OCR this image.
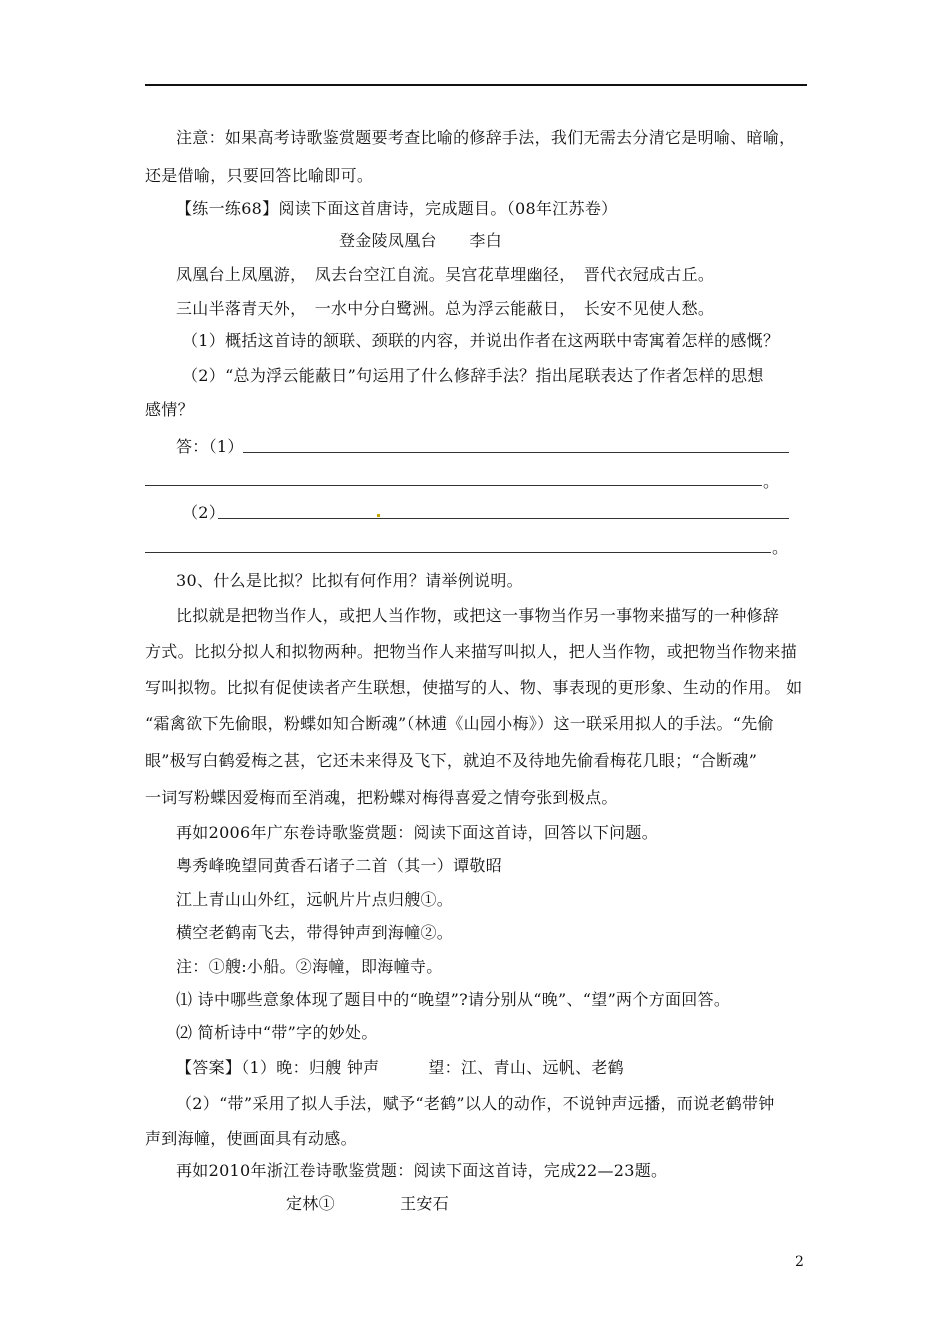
注意：如果高考诗歌鉴赏题要考查比喻的修辞手法，我们无需去分清它是明喻、暗喻，
还是借喻，只要回答比喻即可。
【练一练68】阅读下面这首唐诗，完成题目。（08年江苏卷）
登金陵凤凰台　　李白
凤凰台上凤凰游，　凤去台空江自流。吴宫花草埋幽径，　晋代衣冠成古丘。
三山半落青天外，　一水中分白鹭洲。总为浮云能蔽日，　长安不见使人愁。
（1）概括这首诗的颔联、颈联的内容，并说出作者在这两联中寄寓着怎样的感慨？
（2）“总为浮云能蔽日”句运用了什么修辞手法？指出尾联表达了作者怎样的思想
感情？
答：（1）
。
（2）
。
30、什么是比拟？比拟有何作用？请举例说明。
比拟就是把物当作人，或把人当作物，或把这一事物当作另一事物来描写的一种修辞
方式。比拟分拟人和拟物两种。把物当作人来描写叫拟人，把人当作物，或把物当作物来描
写叫拟物。比拟有促使读者产生联想，使描写的人、物、事表现的更形象、生动的作用。 如
“霜禽欲下先偷眼，粉蝶如知合断魂”（林逋《山园小梅》）这一联采用拟人的手法。“先偷
眼”极写白鹤爱梅之甚，它还未来得及飞下，就迫不及待地先偷看梅花几眼；“合断魂”
一词写粉蝶因爱梅而至消魂，把粉蝶对梅得喜爱之情夸张到极点。
再如2006年广东卷诗歌鉴赏题：阅读下面这首诗，回答以下问题。
粤秀峰晚望同黄香石诸子二首（其一）谭敬昭
江上青山山外红，远帆片片点归艘①。
横空老鹤南飞去，带得钟声到海幢②。
注：①艘:小船。②海幢，即海幢寺。
⑴ 诗中哪些意象体现了题目中的“晚望”?请分别从“晚”、“望”两个方面回答。
⑵ 简析诗中“带”字的妙处。
【答案】（1）晚：归艘 钟声　　　望：江、青山、远帆、老鹤
（2）“带”采用了拟人手法，赋予“老鹤”以人的动作，不说钟声远播，而说老鹤带钟
声到海幢，使画面具有动感。
再如2010年浙江卷诗歌鉴赏题：阅读下面这首诗，完成22—23题。
定林①　　　　王安石
2
